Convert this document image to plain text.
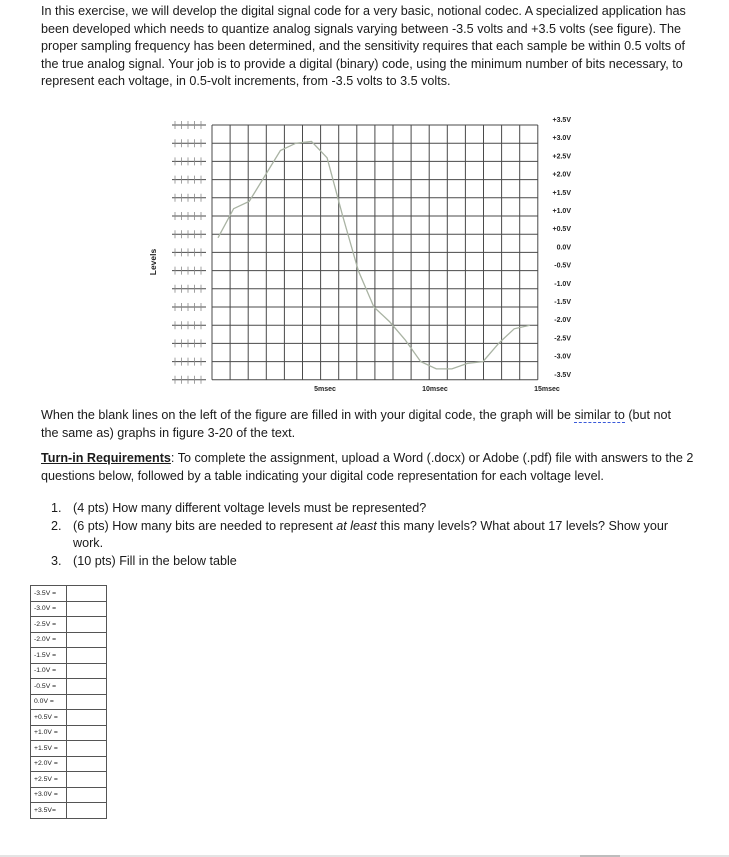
In this exercise, we will develop the digital signal code for a very basic, notional codec. A specialized application has been developed which needs to quantize analog signals varying between -3.5 volts and +3.5 volts (see figure). The proper sampling frequency has been determined, and the sensitivity requires that each sample be within 0.5 volts of the true analog signal. Your job is to provide a digital (binary) code, using the minimum number of bits necessary, to represent each voltage, in 0.5-volt increments, from -3.5 volts to 3.5 volts.

Levels
+3.5V
+3.0V
+2.5V
+2.0V
+1.5V
+1.0V
+0.5V
0.0V
-0.5V
-1.0V
-1.5V
-2.0V
-2.5V
-3.0V
-3.5V
5msec	10msec	15msec

When the blank lines on the left of the figure are filled in with your digital code, the graph will be similar to (but not the same as) graphs in figure 3-20 of the text.

Turn-in Requirements: To complete the assignment, upload a Word (.docx) or Adobe (.pdf) file with answers to the 2 questions below, followed by a table indicating your digital code representation for each voltage level.

1. (4 pts) How many different voltage levels must be represented?
2. (6 pts) How many bits are needed to represent at least this many levels? What about 17 levels? Show your work.
3. (10 pts) Fill in the below table
-3.5V =	
-3.0V =	
-2.5V =	
-2.0V =	
-1.5V =	
-1.0V =	
-0.5V =	
0.0V =	
+0.5V =	
+1.0V =	
+1.5V =	
+2.0V =	
+2.5V =	
+3.0V =	
+3.5V=	
